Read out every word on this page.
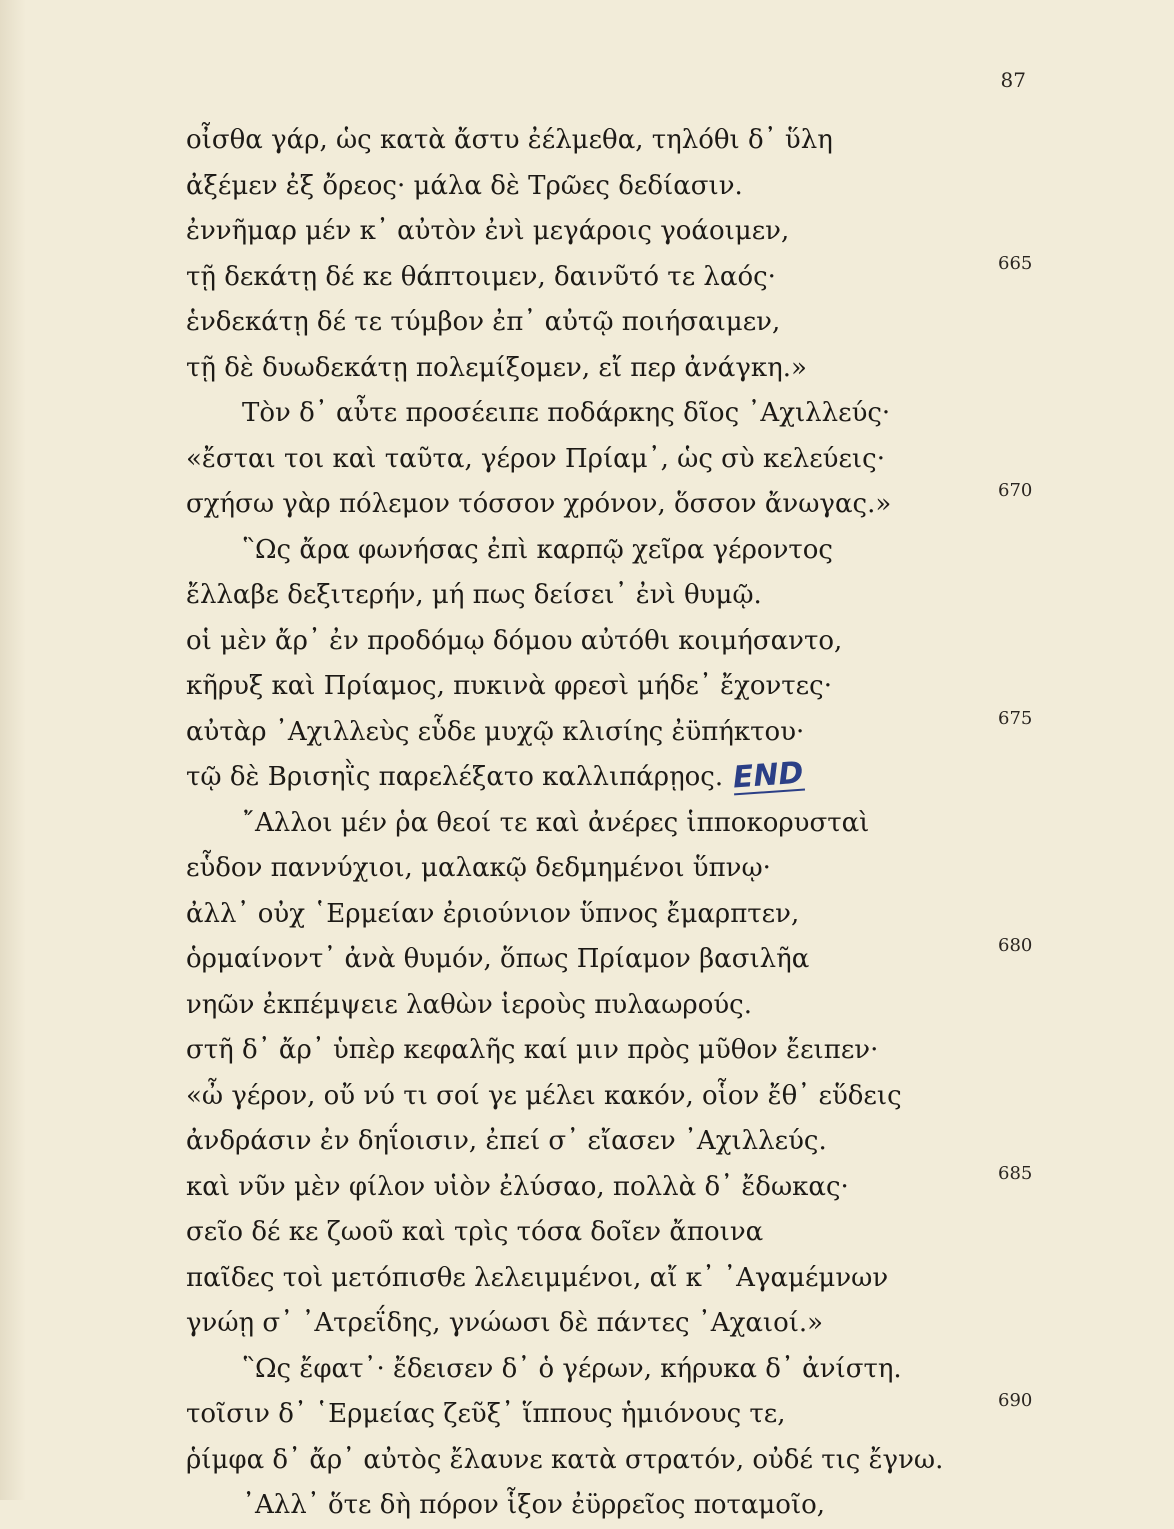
87
οἶσθα γάρ, ὡς κατὰ ἄστυ ἐέλμεθα, τηλόθι δ᾽ ὕλη
ἀξέμεν ἐξ ὄρεος· μάλα δὲ Τρῶες δεδίασιν.
ἐννῆμαρ μέν κ᾽ αὐτὸν ἐνὶ μεγάροις γοάοιμεν,
τῇ δεκάτῃ δέ κε θάπτοιμεν, δαινῦτό τε λαός·	665
ἑνδεκάτῃ δέ τε τύμβον ἐπ᾽ αὐτῷ ποιήσαιμεν,
τῇ δὲ δυωδεκάτῃ πολεμίξομεν, εἴ περ ἀνάγκη.»
Τὸν δ᾽ αὖτε προσέειπε ποδάρκης δῖος ᾽Αχιλλεύς·
«ἔσται τοι καὶ ταῦτα, γέρον Πρίαμ᾽, ὡς σὺ κελεύεις·
σχήσω γὰρ πόλεμον τόσσον χρόνον, ὅσσον ἄνωγας.»	670
῝Ως ἄρα φωνήσας ἐπὶ καρπῷ χεῖρα γέροντος
ἔλλαβε δεξιτερήν, μή πως δείσει᾽ ἐνὶ θυμῷ.
οἱ μὲν ἄρ᾽ ἐν προδόμῳ δόμου αὐτόθι κοιμήσαντο,
κῆρυξ καὶ Πρίαμος, πυκινὰ φρεσὶ μήδε᾽ ἔχοντες·
αὐτὰρ ᾽Αχιλλεὺς εὗδε μυχῷ κλισίης ἐϋπήκτου·	675
τῷ δὲ Βρισηῒς παρελέξατο καλλιπάρῃος. END
῎Αλλοι μέν ῥα θεοί τε καὶ ἀνέρες ἱπποκορυσταὶ
εὗδον παννύχιοι, μαλακῷ δεδμημένοι ὕπνῳ·
ἀλλ᾽ οὐχ ῾Ερμείαν ἐριούνιον ὕπνος ἔμαρπτεν,
ὁρμαίνοντ᾽ ἀνὰ θυμόν, ὅπως Πρίαμον βασιλῆα	680
νηῶν ἐκπέμψειε λαθὼν ἱεροὺς πυλαωρούς.
στῆ δ᾽ ἄρ᾽ ὑπὲρ κεφαλῆς καί μιν πρὸς μῦθον ἔειπεν·
«ὦ γέρον, οὔ νύ τι σοί γε μέλει κακόν, οἷον ἔθ᾽ εὕδεις
ἀνδράσιν ἐν δηΐοισιν, ἐπεί σ᾽ εἴασεν ᾽Αχιλλεύς.
καὶ νῦν μὲν φίλον υἱὸν ἐλύσαο, πολλὰ δ᾽ ἔδωκας·	685
σεῖο δέ κε ζωοῦ καὶ τρὶς τόσα δοῖεν ἄποινα
παῖδες τοὶ μετόπισθε λελειμμένοι, αἴ κ᾽ ᾽Αγαμέμνων
γνώῃ σ᾽ ᾽Ατρεΐδης, γνώωσι δὲ πάντες ᾽Αχαιοί.»
῝Ως ἔφατ᾽· ἔδεισεν δ᾽ ὁ γέρων, κήρυκα δ᾽ ἀνίστη.
τοῖσιν δ᾽ ῾Ερμείας ζεῦξ᾽ ἵππους ἡμιόνους τε,	690
ῥίμφα δ᾽ ἄρ᾽ αὐτὸς ἔλαυνε κατὰ στρατόν, οὐδέ τις ἔγνω.
᾽Αλλ᾽ ὅτε δὴ πόρον ἷξον ἐϋρρεῖος ποταμοῖο,
